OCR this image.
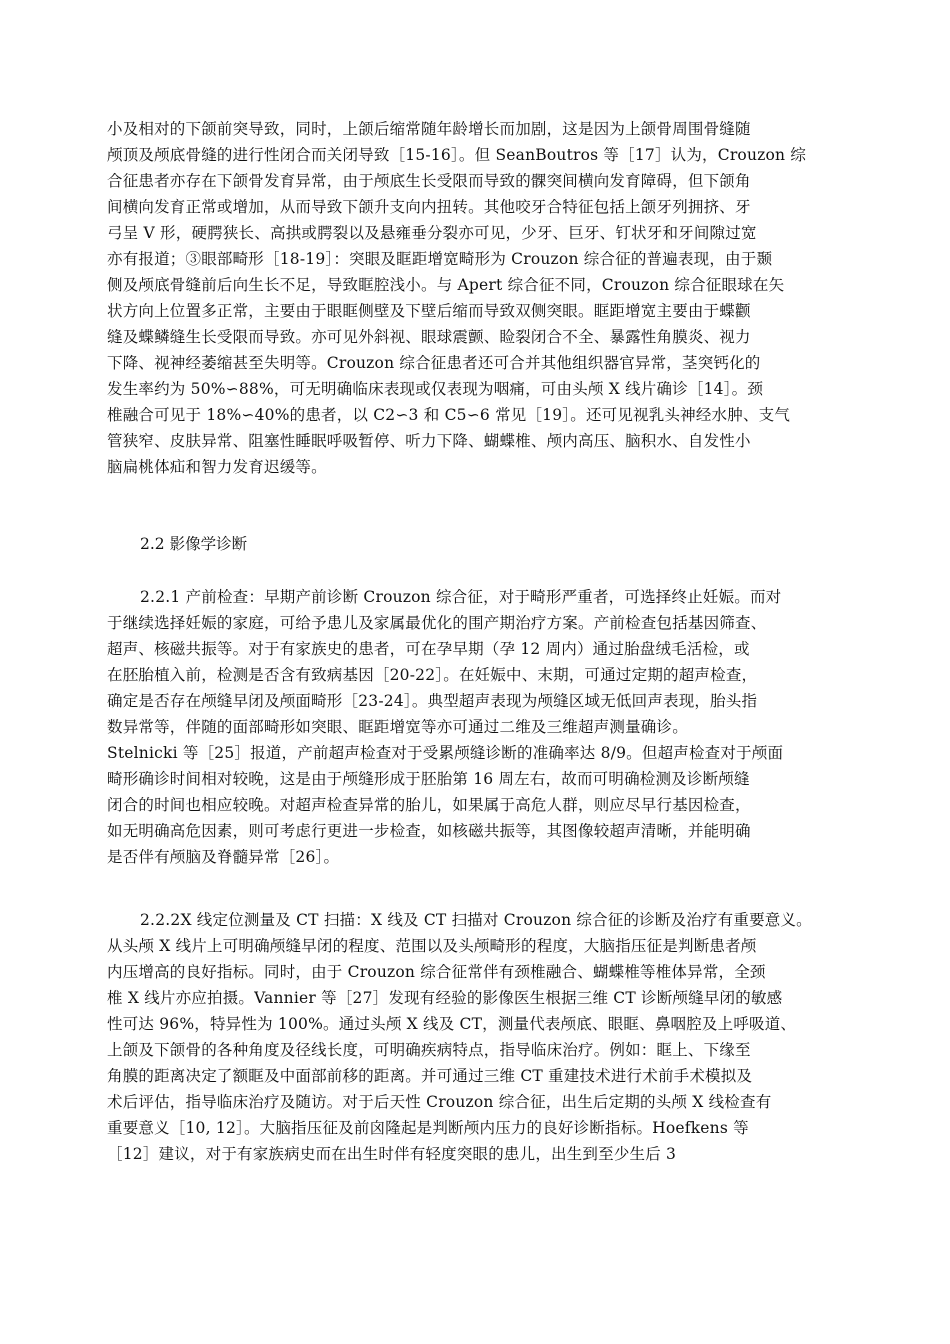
小及相对的下颌前突导致，同时，上颌后缩常随年龄增长而加剧，这是因为上颌骨周围骨缝随
颅顶及颅底骨缝的进行性闭合而关闭导致［15-16］。但 SeanBoutros 等［17］认为，Crouzon 综
合征患者亦存在下颌骨发育异常，由于颅底生长受限而导致的髁突间横向发育障碍，但下颌角
间横向发育正常或增加，从而导致下颌升支向内扭转。其他咬牙合特征包括上颌牙列拥挤、牙
弓呈 V 形，硬腭狭长、高拱或腭裂以及悬雍垂分裂亦可见，少牙、巨牙、钉状牙和牙间隙过宽
亦有报道；③眼部畸形［18-19］：突眼及眶距增宽畸形为 Crouzon 综合征的普遍表现，由于颞
侧及颅底骨缝前后向生长不足，导致眶腔浅小。与 Apert 综合征不同，Crouzon 综合征眼球在矢
状方向上位置多正常，主要由于眼眶侧壁及下壁后缩而导致双侧突眼。眶距增宽主要由于蝶颧
缝及蝶鳞缝生长受限而导致。亦可见外斜视、眼球震颤、睑裂闭合不全、暴露性角膜炎、视力
下降、视神经萎缩甚至失明等。Crouzon 综合征患者还可合并其他组织器官异常，茎突钙化的
发生率约为 50%∽88%，可无明确临床表现或仅表现为咽痛，可由头颅 X 线片确诊［14］。颈
椎融合可见于 18%∽40%的患者，以 C2∽3 和 C5∽6 常见［19］。还可见视乳头神经水肿、支气
管狭窄、皮肤异常、阻塞性睡眠呼吸暂停、听力下降、蝴蝶椎、颅内高压、脑积水、自发性小
脑扁桃体疝和智力发育迟缓等。
2.2 影像学诊断
2.2.1 产前检查：早期产前诊断 Crouzon 综合征，对于畸形严重者，可选择终止妊娠。而对
于继续选择妊娠的家庭，可给予患儿及家属最优化的围产期治疗方案。产前检查包括基因筛查、
超声、核磁共振等。对于有家族史的患者，可在孕早期（孕 12 周内）通过胎盘绒毛活检，或
在胚胎植入前，检测是否含有致病基因［20-22］。在妊娠中、末期，可通过定期的超声检查，
确定是否存在颅缝早闭及颅面畸形［23-24］。典型超声表现为颅缝区域无低回声表现，胎头指
数异常等，伴随的面部畸形如突眼、眶距增宽等亦可通过二维及三维超声测量确诊。
Stelnicki 等［25］报道，产前超声检查对于受累颅缝诊断的准确率达 8/9。但超声检查对于颅面
畸形确诊时间相对较晚，这是由于颅缝形成于胚胎第 16 周左右，故而可明确检测及诊断颅缝
闭合的时间也相应较晚。对超声检查异常的胎儿，如果属于高危人群，则应尽早行基因检查，
如无明确高危因素，则可考虑行更进一步检查，如核磁共振等，其图像较超声清晰，并能明确
是否伴有颅脑及脊髓异常［26］。
2.2.2X 线定位测量及 CT 扫描：X 线及 CT 扫描对 Crouzon 综合征的诊断及治疗有重要意义。
从头颅 X 线片上可明确颅缝早闭的程度、范围以及头颅畸形的程度，大脑指压征是判断患者颅
内压增高的良好指标。同时，由于 Crouzon 综合征常伴有颈椎融合、蝴蝶椎等椎体异常，全颈
椎 X 线片亦应拍摄。Vannier 等［27］发现有经验的影像医生根据三维 CT 诊断颅缝早闭的敏感
性可达 96%，特异性为 100%。通过头颅 X 线及 CT，测量代表颅底、眼眶、鼻咽腔及上呼吸道、
上颌及下颌骨的各种角度及径线长度，可明确疾病特点，指导临床治疗。例如：眶上、下缘至
角膜的距离决定了额眶及中面部前移的距离。并可通过三维 CT 重建技术进行术前手术模拟及
术后评估，指导临床治疗及随访。对于后天性 Crouzon 综合征，出生后定期的头颅 X 线检查有
重要意义［10, 12］。大脑指压征及前囟隆起是判断颅内压力的良好诊断指标。Hoefkens 等
［12］建议，对于有家族病史而在出生时伴有轻度突眼的患儿，出生到至少生后 3
